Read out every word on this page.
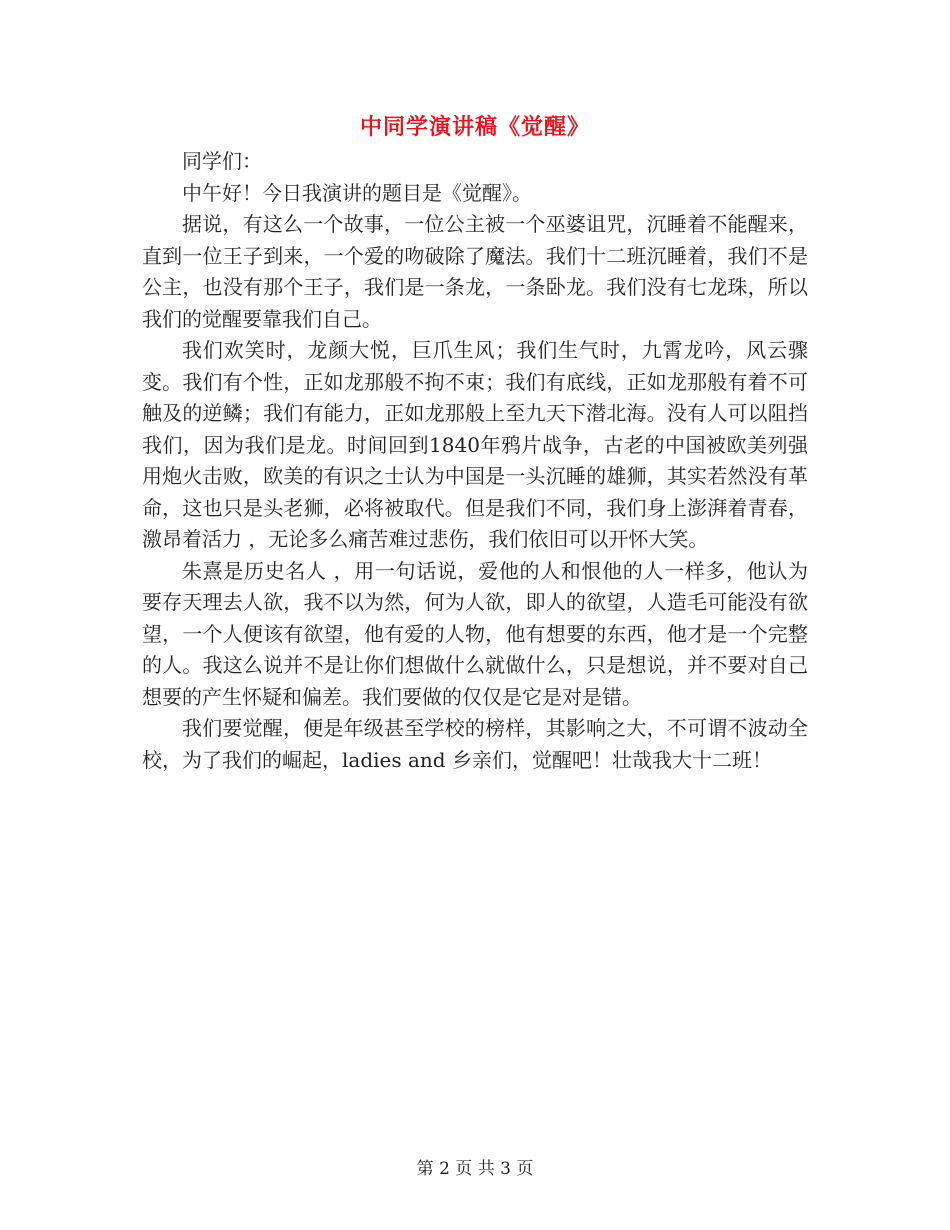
中同学演讲稿《觉醒》

同学们：

中午好！今日我演讲的题目是《觉醒》。

据说，有这么一个故事，一位公主被一个巫婆诅咒，沉睡着不能醒来，直到一位王子到来，一个爱的吻破除了魔法。我们十二班沉睡着，我们不是公主，也没有那个王子，我们是一条龙，一条卧龙。我们没有七龙珠，所以我们的觉醒要靠我们自己。

我们欢笑时，龙颜大悦，巨爪生风；我们生气时，九霄龙吟，风云骤变。我们有个性，正如龙那般不拘不束；我们有底线，正如龙那般有着不可触及的逆鳞；我们有能力，正如龙那般上至九天下潜北海。没有人可以阻挡我们，因为我们是龙。时间回到1840年鸦片战争，古老的中国被欧美列强用炮火击败，欧美的有识之士认为中国是一头沉睡的雄狮，其实若然没有革命，这也只是头老狮，必将被取代。但是我们不同，我们身上澎湃着青春，激昂着活力 ，无论多么痛苦难过悲伤，我们依旧可以开怀大笑。

朱熹是历史名人 ，用一句话说，爱他的人和恨他的人一样多，他认为要存天理去人欲，我不以为然，何为人欲，即人的欲望，人造毛可能没有欲望，一个人便该有欲望，他有爱的人物，他有想要的东西，他才是一个完整的人。我这么说并不是让你们想做什么就做什么，只是想说，并不要对自己想要的产生怀疑和偏差。我们要做的仅仅是它是对是错。

我们要觉醒，便是年级甚至学校的榜样，其影响之大，不可谓不波动全校，为了我们的崛起，ladies and 乡亲们，觉醒吧！壮哉我大十二班！

第 2 页 共 3 页
